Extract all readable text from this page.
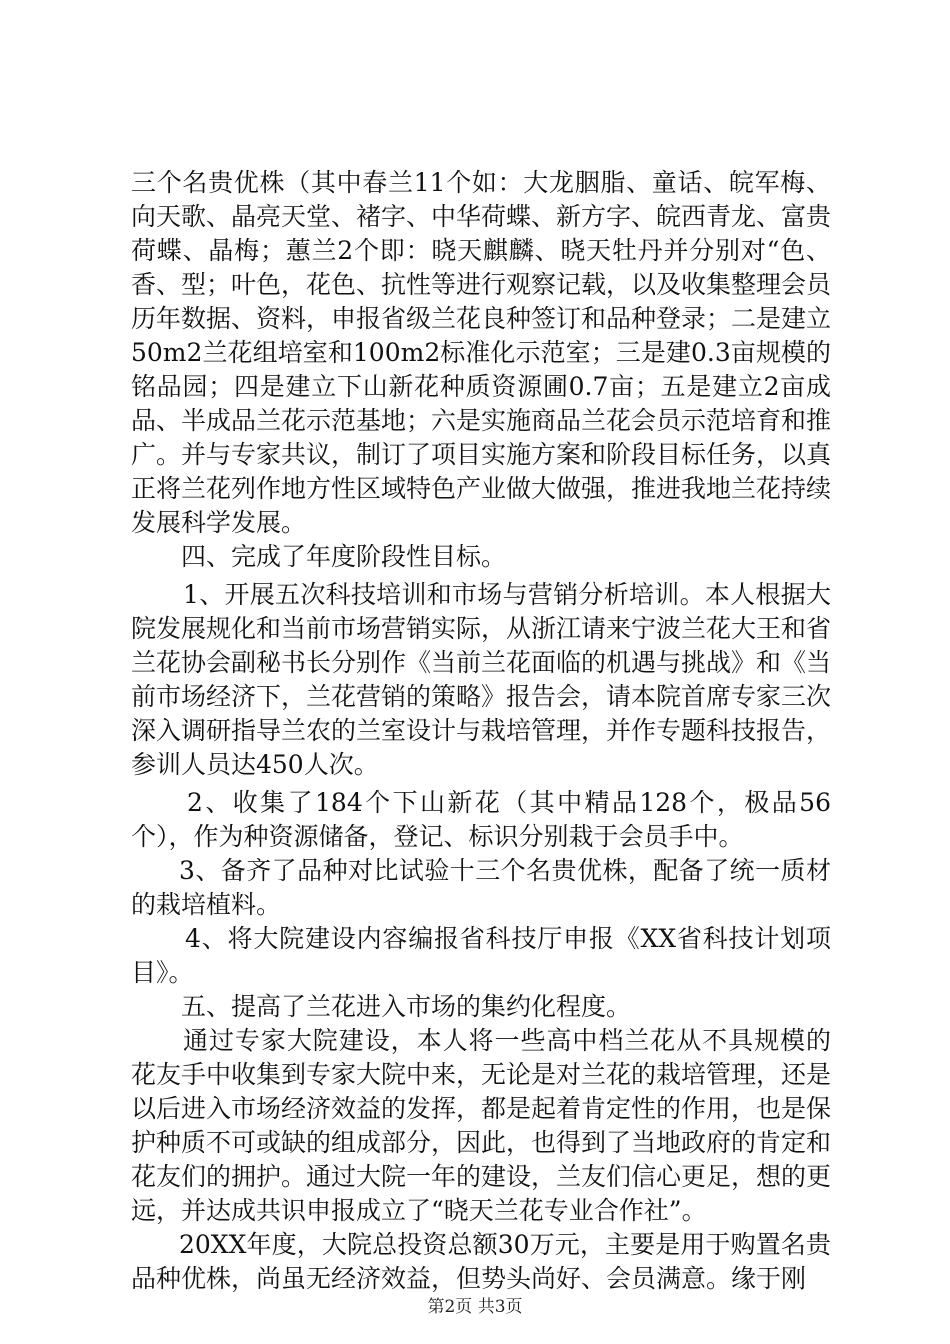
三个名贵优株（其中春兰11个如：大龙胭脂、童话、皖军梅、向天歌、晶亮天堂、褚字、中华荷蝶、新方字、皖西青龙、富贵荷蝶、晶梅；蕙兰2个即：晓天麒麟、晓天牡丹并分别对“色、香、型；叶色，花色、抗性等进行观察记载，以及收集整理会员历年数据、资料，申报省级兰花良种签订和品种登录；二是建立50m2兰花组培室和100m2标准化示范室；三是建0.3亩规模的铭品园；四是建立下山新花种质资源圃0.7亩；五是建立2亩成品、半成品兰花示范基地；六是实施商品兰花会员示范培育和推广。并与专家共议，制订了项目实施方案和阶段目标任务，以真正将兰花列作地方性区域特色产业做大做强，推进我地兰花持续发展科学发展。

四、完成了年度阶段性目标。

1、开展五次科技培训和市场与营销分析培训。本人根据大院发展规化和当前市场营销实际，从浙江请来宁波兰花大王和省兰花协会副秘书长分别作《当前兰花面临的机遇与挑战》和《当前市场经济下，兰花营销的策略》报告会，请本院首席专家三次深入调研指导兰农的兰室设计与栽培管理，并作专题科技报告，参训人员达450人次。

2、收集了184个下山新花（其中精品128个，极品56个），作为种资源储备，登记、标识分别栽于会员手中。

3、备齐了品种对比试验十三个名贵优株，配备了统一质材的栽培植料。

4、将大院建设内容编报省科技厅申报《XX省科技计划项目》。

五、提高了兰花进入市场的集约化程度。

通过专家大院建设，本人将一些高中档兰花从不具规模的花友手中收集到专家大院中来，无论是对兰花的栽培管理，还是以后进入市场经济效益的发挥，都是起着肯定性的作用，也是保护种质不可或缺的组成部分，因此，也得到了当地政府的肯定和花友们的拥护。通过大院一年的建设，兰友们信心更足，想的更远，并达成共识申报成立了“晓天兰花专业合作社”。

20XX年度，大院总投资总额30万元，主要是用于购置名贵品种优株，尚虽无经济效益，但势头尚好、会员满意。缘于刚

第2页 共3页
